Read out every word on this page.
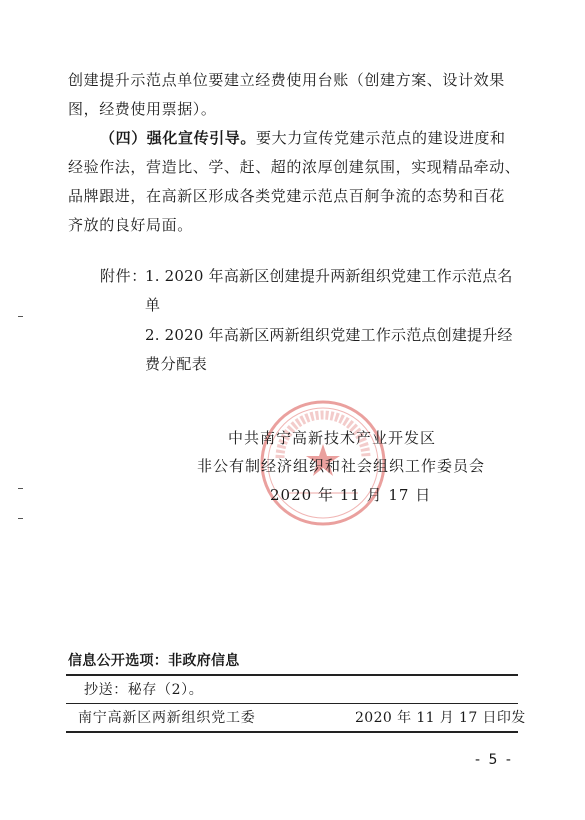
创建提升示范点单位要建立经费使用台账（创建方案、设计效果
图，经费使用票据）。
（四）强化宣传引导。要大力宣传党建示范点的建设进度和
经验作法，营造比、学、赶、超的浓厚创建氛围，实现精品牵动、
品牌跟进，在高新区形成各类党建示范点百舸争流的态势和百花
齐放的良好局面。
附件：
1. 2020 年高新区创建提升两新组织党建工作示范点名
单
2. 2020 年高新区两新组织党建工作示范点创建提升经
费分配表
中共南宁高新技术产业开发区
非公有制经济组织和社会组织工作委员会
2020 年 11 月 17 日
信息公开选项：非政府信息
抄送：秘存（2）。
南宁高新区两新组织党工委	2020 年 11 月 17 日印发
- 5 -
